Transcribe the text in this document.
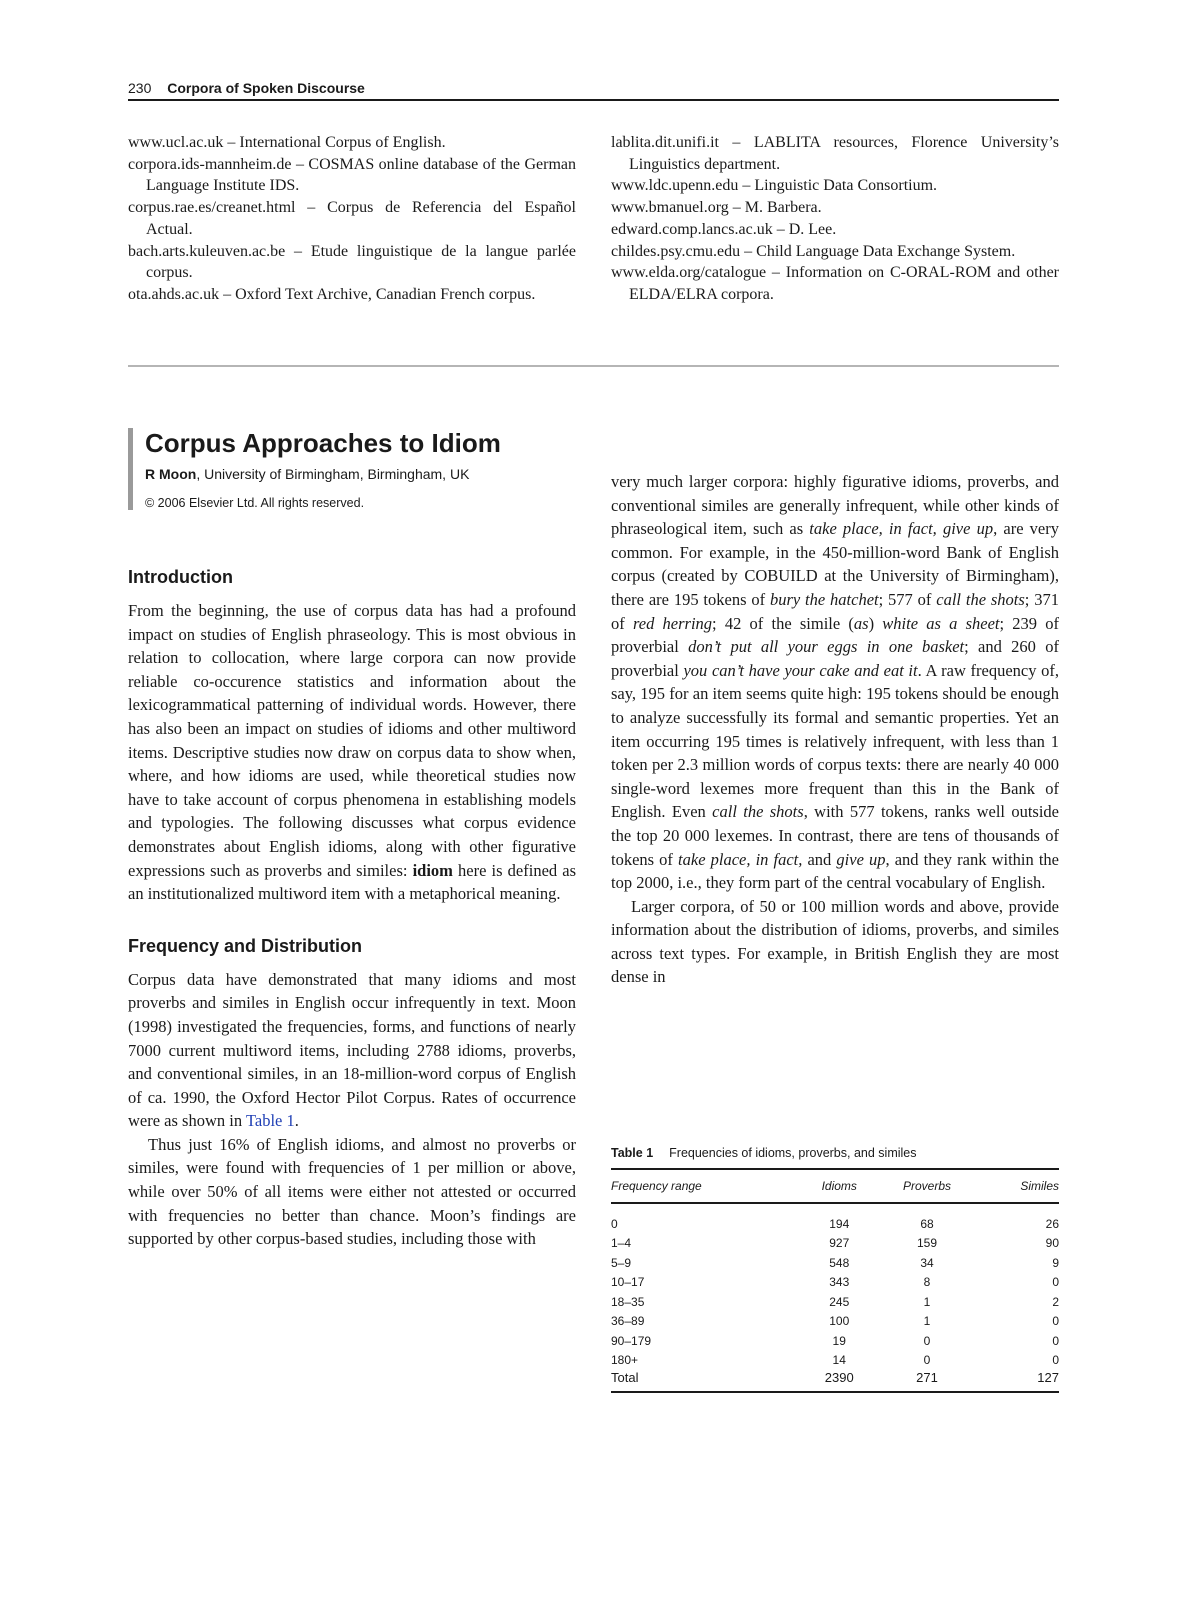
230 Corpora of Spoken Discourse
www.ucl.ac.uk – International Corpus of English.
corpora.ids-mannheim.de – COSMAS online database of the German Language Institute IDS.
corpus.rae.es/creanet.html – Corpus de Referencia del Español Actual.
bach.arts.kuleuven.ac.be – Etude linguistique de la langue parlée corpus.
ota.ahds.ac.uk – Oxford Text Archive, Canadian French corpus.
lablita.dit.unifi.it – LABLITA resources, Florence University’s Linguistics department.
www.ldc.upenn.edu – Linguistic Data Consortium.
www.bmanuel.org – M. Barbera.
edward.comp.lancs.ac.uk – D. Lee.
childes.psy.cmu.edu – Child Language Data Exchange System.
www.elda.org/catalogue – Information on C-ORAL-ROM and other ELDA/ELRA corpora.
Corpus Approaches to Idiom

R Moon, University of Birmingham, Birmingham, UK

© 2006 Elsevier Ltd. All rights reserved.

Introduction

From the beginning, the use of corpus data has had a profound impact on studies of English phraseology. This is most obvious in relation to collocation, where large corpora can now provide reliable co-occurence statistics and information about the lexicogrammatical patterning of individual words. However, there has also been an impact on studies of idioms and other multiword items. Descriptive studies now draw on corpus data to show when, where, and how idioms are used, while theoretical studies now have to take account of corpus phenomena in establishing models and typologies. The following discusses what corpus evidence demonstrates about English idioms, along with other figurative expressions such as proverbs and similes: idiom here is defined as an institutionalized multiword item with a metaphorical meaning.

Frequency and Distribution

Corpus data have demonstrated that many idioms and most proverbs and similes in English occur infrequently in text. Moon (1998) investigated the frequencies, forms, and functions of nearly 7000 current multiword items, including 2788 idioms, proverbs, and conventional similes, in an 18-million-word corpus of English of ca. 1990, the Oxford Hector Pilot Corpus. Rates of occurrence were as shown in Table 1.

Thus just 16% of English idioms, and almost no proverbs or similes, were found with frequencies of 1 per million or above, while over 50% of all items were either not attested or occurred with frequencies no better than chance. Moon’s findings are supported by other corpus-based studies, including those with

very much larger corpora: highly figurative idioms, proverbs, and conventional similes are generally infrequent, while other kinds of phraseological item, such as take place, in fact, give up, are very common. For example, in the 450-million-word Bank of English corpus (created by COBUILD at the University of Birmingham), there are 195 tokens of bury the hatchet; 577 of call the shots; 371 of red herring; 42 of the simile (as) white as a sheet; 239 of proverbial don’t put all your eggs in one basket; and 260 of proverbial you can’t have your cake and eat it. A raw frequency of, say, 195 for an item seems quite high: 195 tokens should be enough to analyze successfully its formal and semantic properties. Yet an item occurring 195 times is relatively infrequent, with less than 1 token per 2.3 million words of corpus texts: there are nearly 40 000 single-word lexemes more frequent than this in the Bank of English. Even call the shots, with 577 tokens, ranks well outside the top 20 000 lexemes. In contrast, there are tens of thousands of tokens of take place, in fact, and give up, and they rank within the top 2000, i.e., they form part of the central vocabulary of English.

Larger corpora, of 50 or 100 million words and above, provide information about the distribution of idioms, proverbs, and similes across text types. For example, in British English they are most dense in

Table 1 Frequencies of idioms, proverbs, and similes
Frequency range	Idioms	Proverbs	Similes
0	194	68	26
1–4	927	159	90
5–9	548	34	9
10–17	343	8	0
18–35	245	1	2
36–89	100	1	0
90–179	19	0	0
180+	14	0	0
Total	2390	271	127
